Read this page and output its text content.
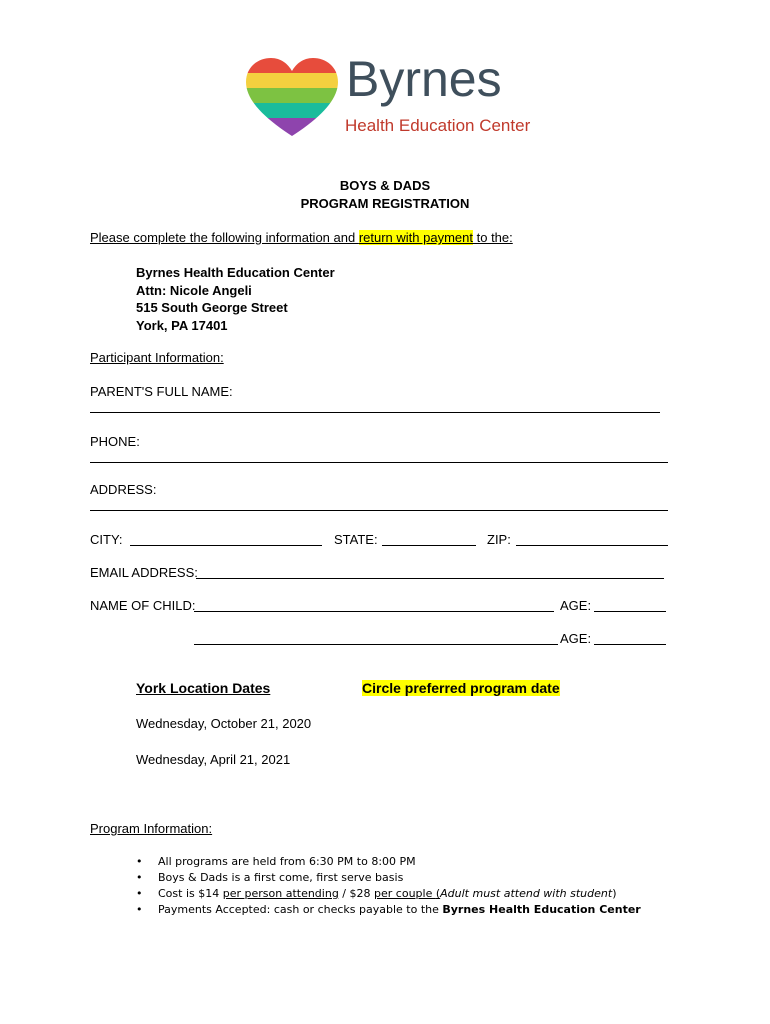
Byrnes
Health Education Center
BOYS & DADS
PROGRAM REGISTRATION
Please complete the following information and return with payment to the:
Byrnes Health Education Center
Attn: Nicole Angeli
515 South George Street
York, PA 17401
Participant Information:
PARENT'S FULL NAME:
PHONE:
ADDRESS:
CITY:	STATE:	ZIP:
EMAIL ADDRESS:
NAME OF CHILD:	AGE:
AGE:
York Location Dates	Circle preferred program date
Wednesday, October 21, 2020
Wednesday, April 21, 2021
Program Information:
• All programs are held from 6:30 PM to 8:00 PM
• Boys & Dads is a first come, first serve basis
• Cost is $14 per person attending / $28 per couple (Adult must attend with student)
• Payments Accepted: cash or checks payable to the Byrnes Health Education Center
